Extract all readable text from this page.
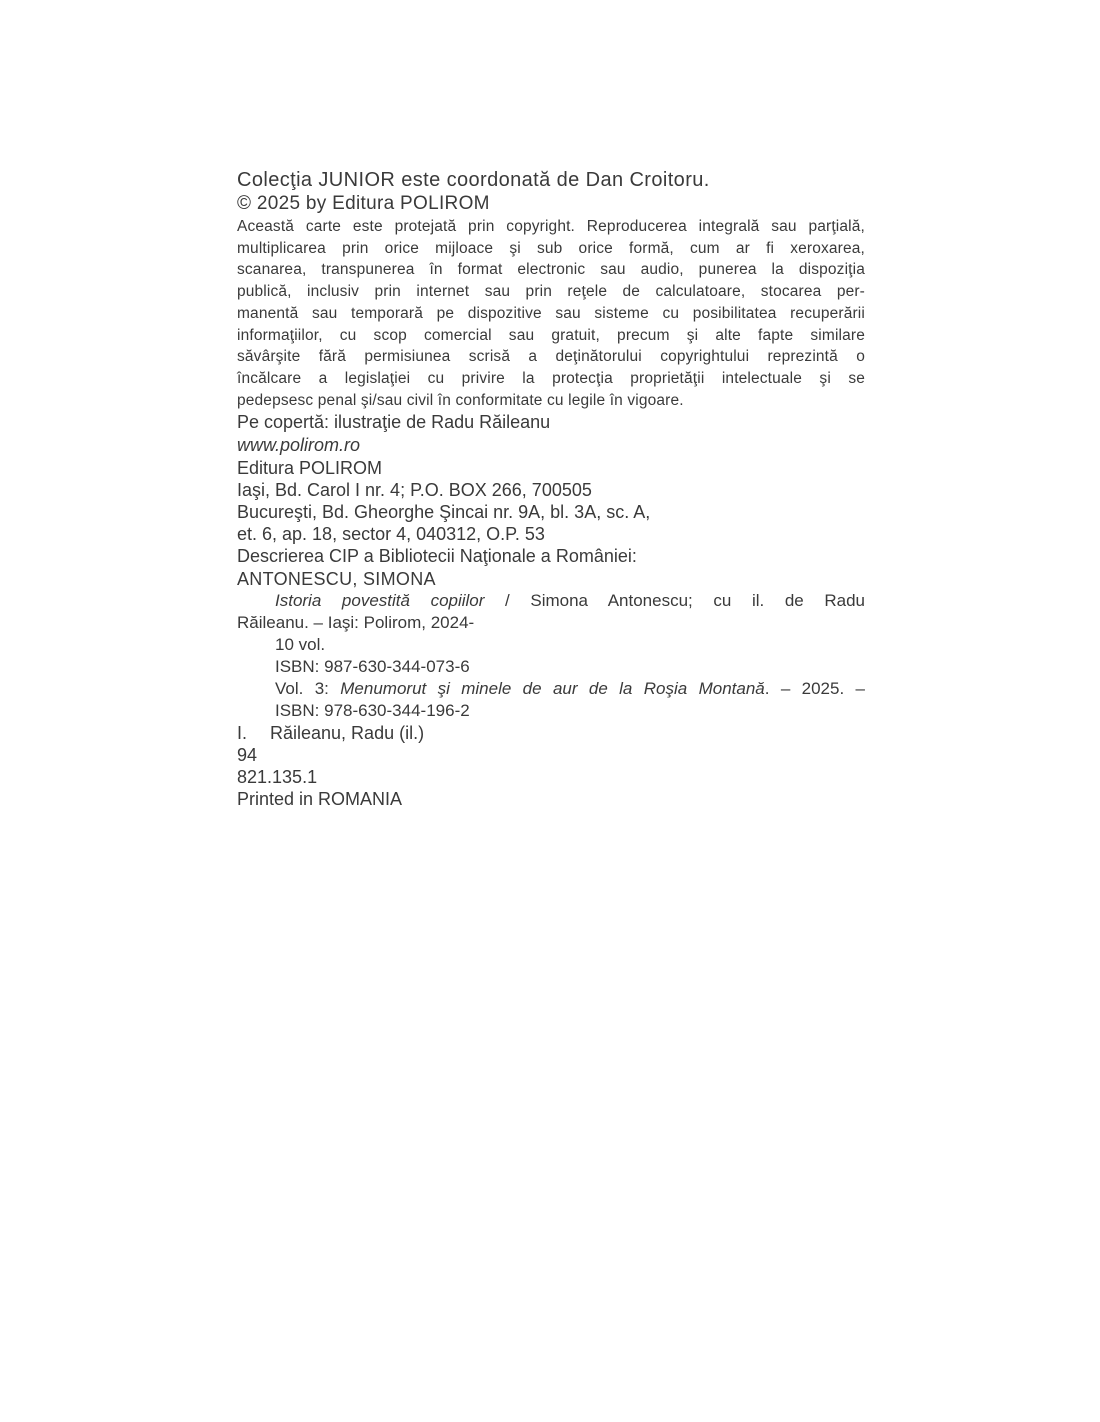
Colecţia JUNIOR este coordonată de Dan Croitoru.

© 2025 by Editura POLIROM

Această carte este protejată prin copyright. Reproducerea integrală sau parţială,
multiplicarea prin orice mijloace şi sub orice formă, cum ar fi xeroxarea,
scanarea, transpunerea în format electronic sau audio, punerea la dispoziţia
publică, inclusiv prin internet sau prin reţele de calculatoare, stocarea per-
manentă sau temporară pe dispozitive sau sisteme cu posibilitatea recuperării
informaţiilor, cu scop comercial sau gratuit, precum şi alte fapte similare
săvârşite fără permisiunea scrisă a deţinătorului copyrightului reprezintă o
încălcare a legislaţiei cu privire la protecţia proprietăţii intelectuale şi se
pedepsesc penal şi/sau civil în conformitate cu legile în vigoare.

Pe copertă: ilustraţie de Radu Răileanu

www.polirom.ro

Editura POLIROM
Iaşi, Bd. Carol I nr. 4; P.O. BOX 266, 700505
Bucureşti, Bd. Gheorghe Şincai nr. 9A, bl. 3A, sc. A,
et. 6, ap. 18, sector 4, 040312, O.P. 53

Descrierea CIP a Bibliotecii Naţionale a României:

ANTONESCU, SIMONA
Istoria povestită copiilor / Simona Antonescu; cu il. de Radu
Răileanu. – Iaşi: Polirom, 2024-
10 vol.
ISBN: 987-630-344-073-6
Vol. 3: Menumorut şi minele de aur de la Roşia Montană. – 2025. –
ISBN: 978-630-344-196-2
I. Răileanu, Radu (il.)
94
821.135.1

Printed in ROMANIA
